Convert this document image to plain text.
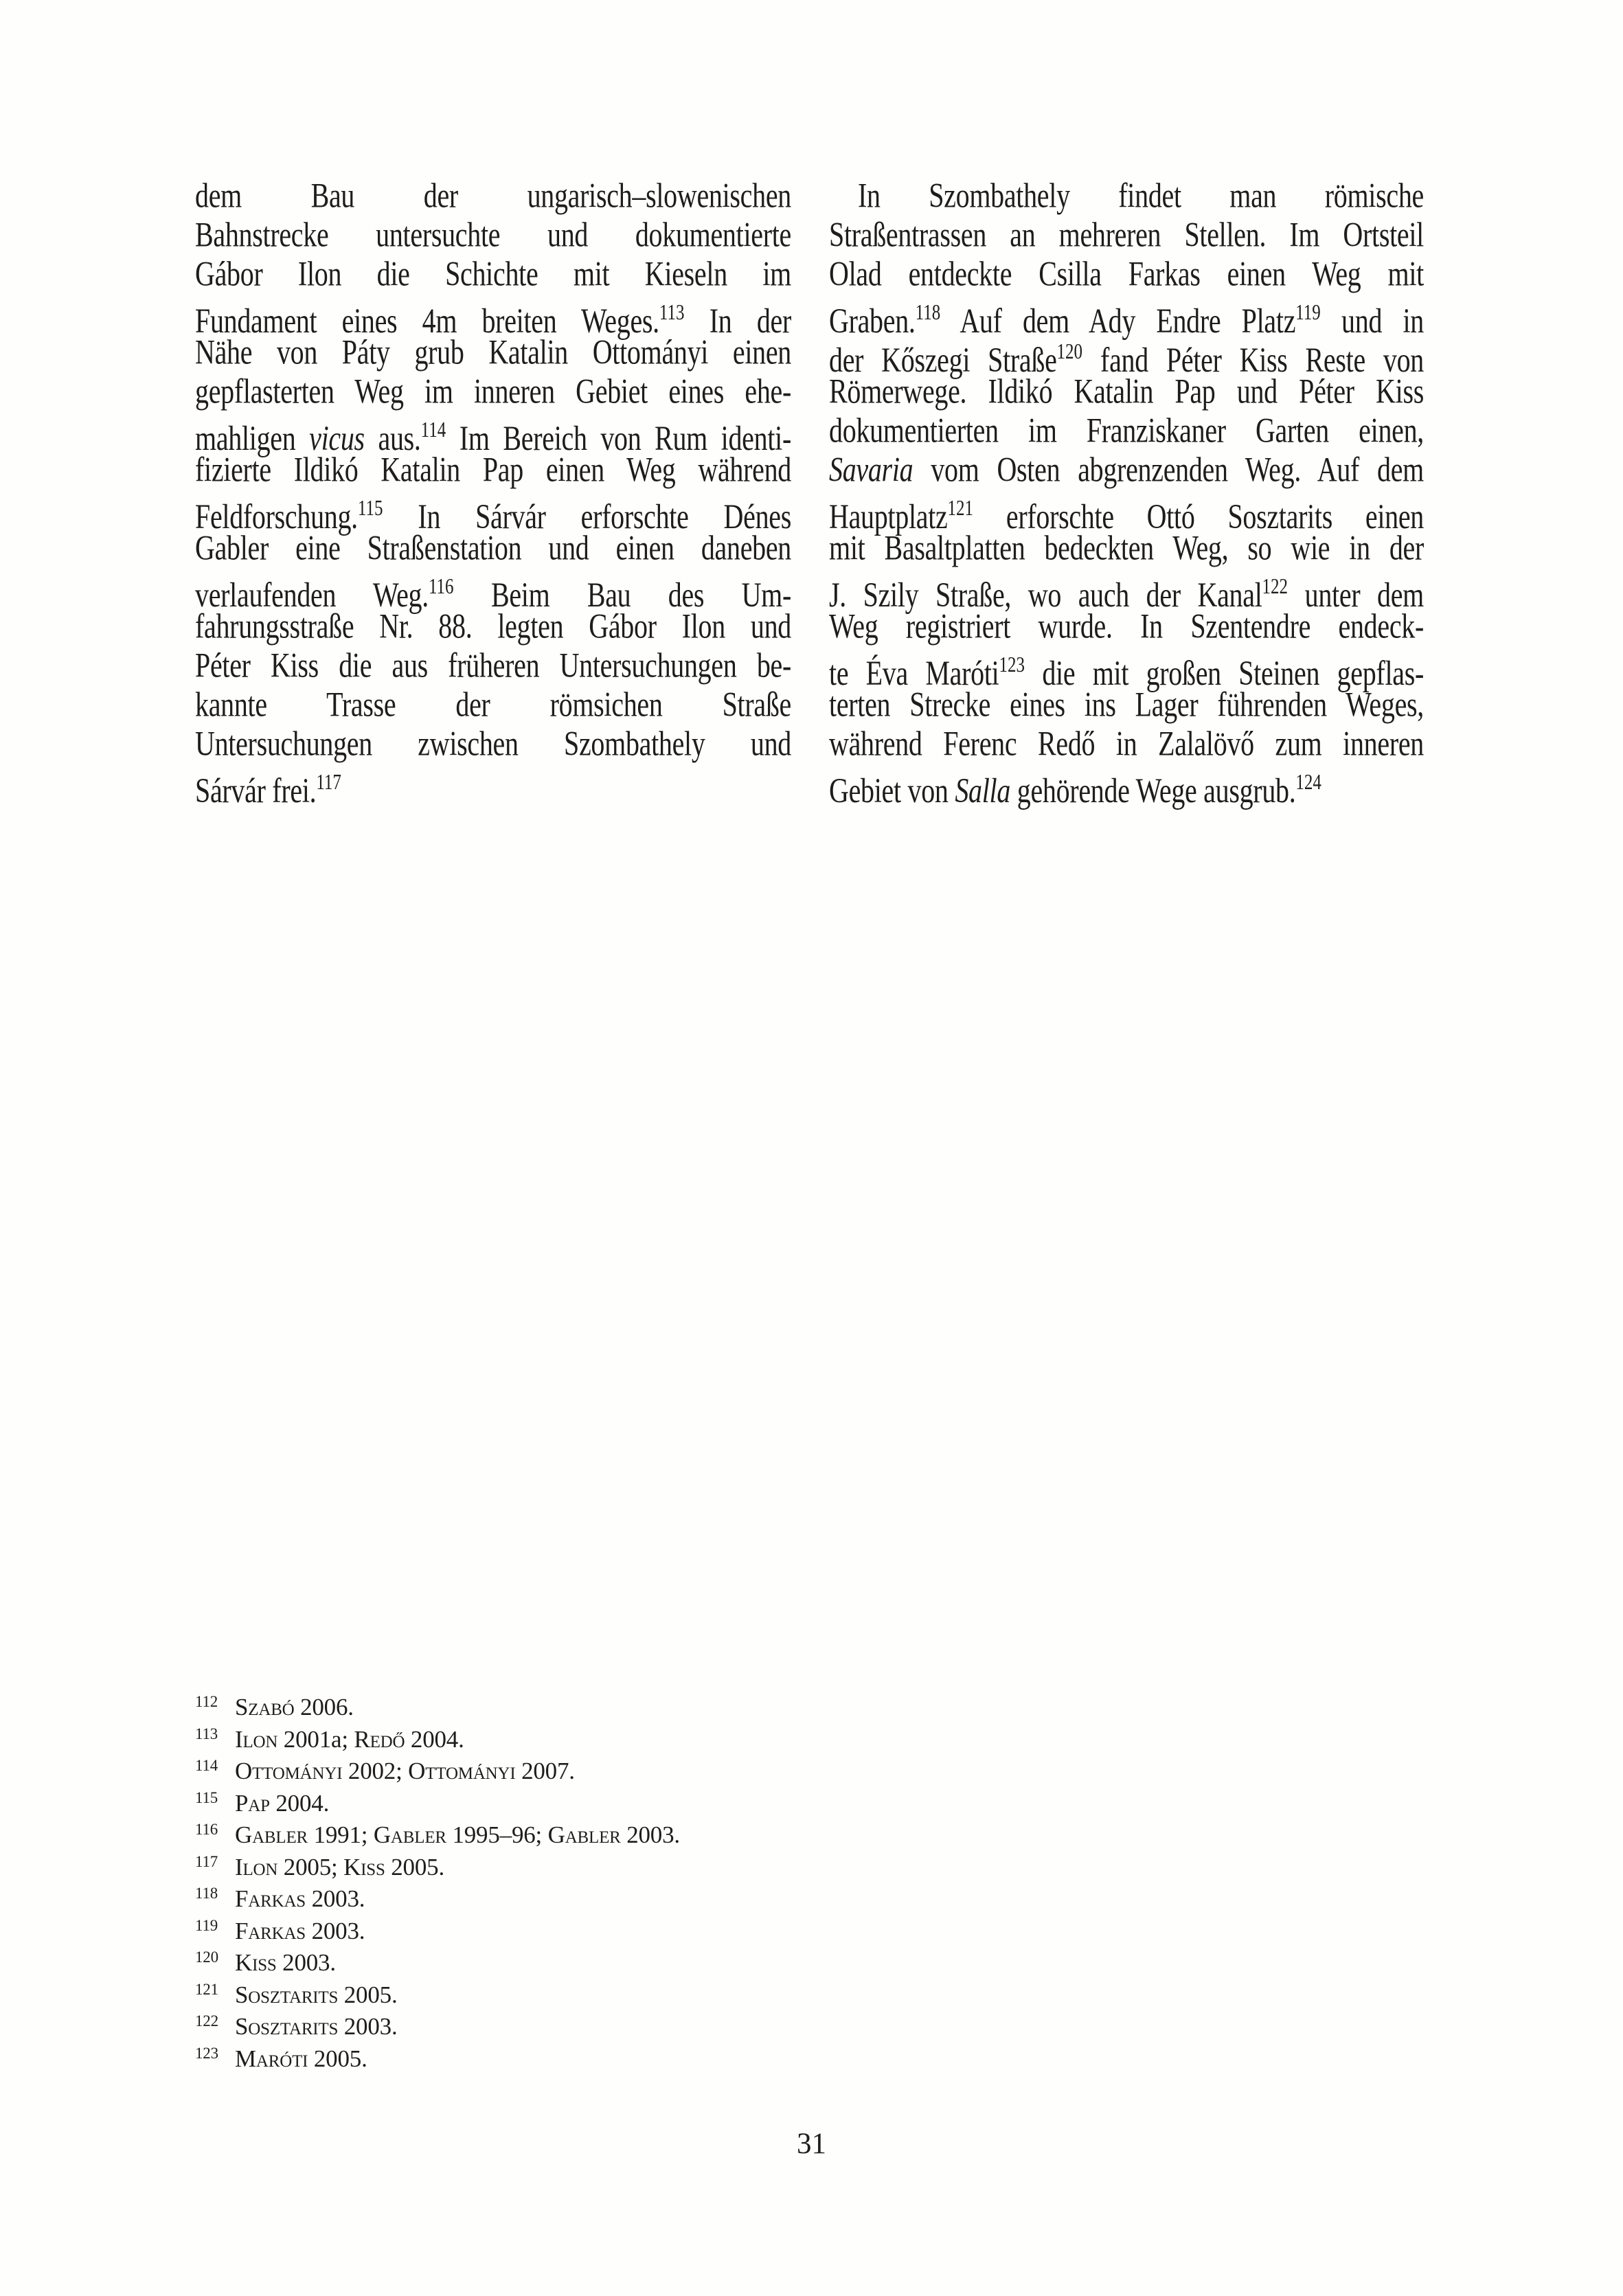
dem Bau der ungarisch–slowenischen
Bahnstrecke untersuchte und dokumentierte
Gábor Ilon die Schichte mit Kieseln im
Fundament eines 4m breiten Weges.$^{113}$ In der
Nähe von Páty grub Katalin Ottományi einen
gepflasterten Weg im inneren Gebiet eines ehe-
mahligen vicus aus.$^{114}$ Im Bereich von Rum identi-
fizierte Ildikó Katalin Pap einen Weg während
Feldforschung.$^{115}$ In Sárvár erforschte Dénes
Gabler eine Straßenstation und einen daneben
verlaufenden Weg.$^{116}$ Beim Bau des Um-
fahrungsstraße Nr. 88. legten Gábor Ilon und
Péter Kiss die aus früheren Untersuchungen be-
kannte Trasse der römsichen Straße
Untersuchungen zwischen Szombathely und
Sárvár frei.$^{117}$
In Szombathely findet man römische
Straßentrassen an mehreren Stellen. Im Ortsteil
Olad entdeckte Csilla Farkas einen Weg mit
Graben.$^{118}$ Auf dem Ady Endre Platz$^{119}$ und in
der Kőszegi Straße$^{120}$ fand Péter Kiss Reste von
Römerwege. Ildikó Katalin Pap und Péter Kiss
dokumentierten im Franziskaner Garten einen,
Savaria vom Osten abgrenzenden Weg. Auf dem
Hauptplatz$^{121}$ erforschte Ottó Sosztarits einen
mit Basaltplatten bedeckten Weg, so wie in der
J. Szily Straße, wo auch der Kanal$^{122}$ unter dem
Weg registriert wurde. In Szentendre endeck-
te Éva Maróti$^{123}$ die mit großen Steinen gepflas-
terten Strecke eines ins Lager führenden Weges,
während Ferenc Redő in Zalalövő zum inneren
Gebiet von Salla gehörende Wege ausgrub.$^{124}$
112 Szabó 2006.
113 Ilon 2001a; Redő 2004.
114 Ottományi 2002; Ottományi 2007.
115 Pap 2004.
116 Gabler 1991; Gabler 1995–96; Gabler 2003.
117 Ilon 2005; Kiss 2005.
118 Farkas 2003.
119 Farkas 2003.
120 Kiss 2003.
121 Sosztarits 2005.
122 Sosztarits 2003.
123 Maróti 2005.
31
